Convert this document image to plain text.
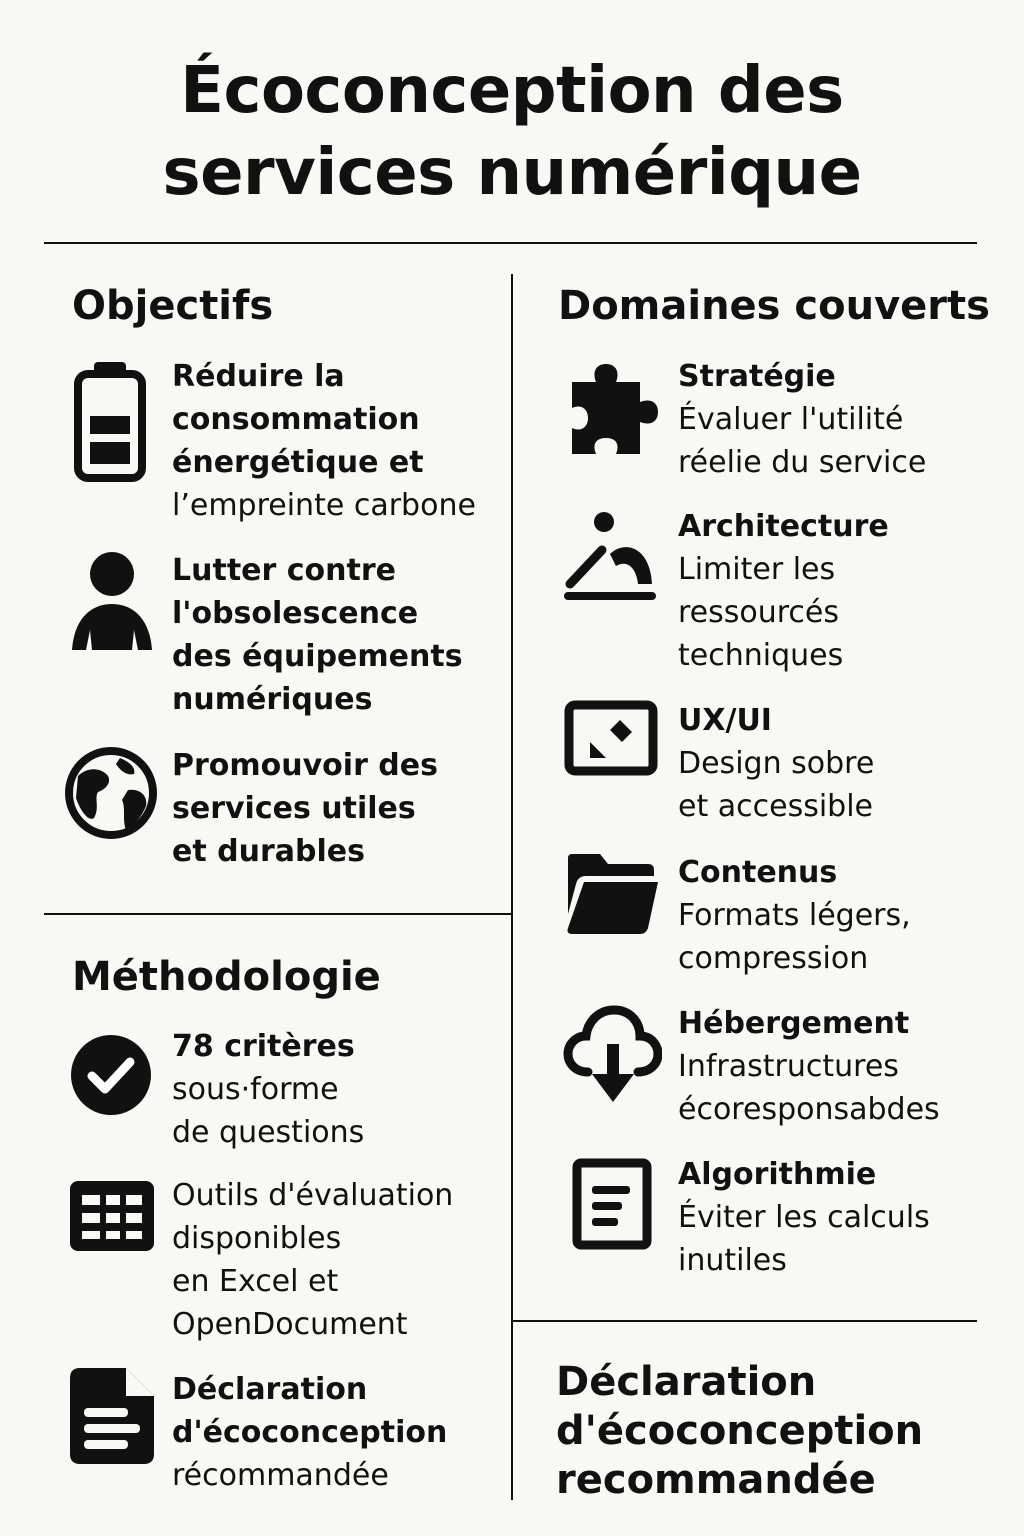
Écoconception des
services numérique
Objectifs
Réduire la
consommation
énergétique et
l’empreinte carbone
Lutter contre
l'obsolescence
des équipements
numériques
Promouvoir des
services utiles
et durables
Méthodologie
78 critères
sous·forme
de questions
Outils d'évaluation
disponibles
en Excel et
OpenDocument
Déclaration
d'écoconception
récommandée
Domaines couverts
Stratégie
Évaluer l'utilité
réelie du service
Architecture
Limiter les
ressourcés
techniques
UX/UI
Design sobre
et accessible
Contenus
Formats légers,
compression
Hébergement
Infrastructures
écoresponsabdes
Algorithmie
Éviter les calculs
inutiles
Déclaration
d'écoconception
recommandée
